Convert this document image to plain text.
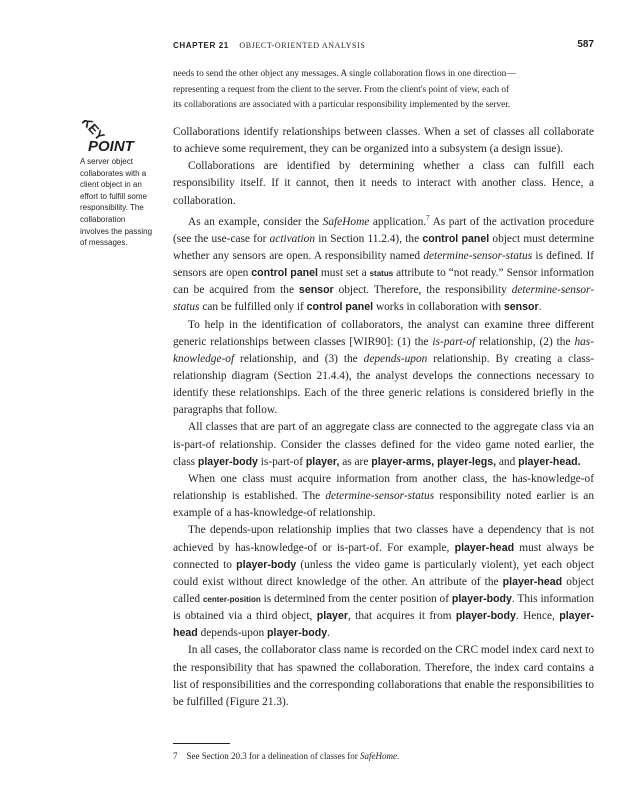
CHAPTER 21 OBJECT-ORIENTED ANALYSIS	587
needs to send the other object any messages. A single collaboration flows in one direction—
representing a request from the client to the server. From the client's point of view, each of
its collaborations are associated with a particular responsibility implemented by the server.
KEY
POINT
A server object collaborates with a client object in an effort to fulfill some responsibility. The collaboration involves the passing of messages.

Collaborations identify relationships between classes. When a set of classes all collaborate to achieve some requirement, they can be organized into a subsystem (a design issue).

Collaborations are identified by determining whether a class can fulfill each responsibility itself. If it cannot, then it needs to interact with another class. Hence, a collaboration.

As an example, consider the SafeHome application.$^7$ As part of the activation procedure (see the use-case for activation in Section 11.2.4), the control panel object must determine whether any sensors are open. A responsibility named determine-sensor-status is defined. If sensors are open control panel must set a status attribute to “not ready.” Sensor information can be acquired from the sensor object. Therefore, the responsibility determine-sensor-status can be fulfilled only if control panel works in collaboration with sensor.

To help in the identification of collaborators, the analyst can examine three different generic relationships between classes [WIR90]: (1) the is-part-of relationship, (2) the has-knowledge-of relationship, and (3) the depends-upon relationship. By creating a class-relationship diagram (Section 21.4.4), the analyst develops the connections necessary to identify these relationships. Each of the three generic relations is considered briefly in the paragraphs that follow.

All classes that are part of an aggregate class are connected to the aggregate class via an is-part-of relationship. Consider the classes defined for the video game noted earlier, the class player-body is-part-of player, as are player-arms, player-legs, and player-head.

When one class must acquire information from another class, the has-knowledge-of relationship is established. The determine-sensor-status responsibility noted earlier is an example of a has-knowledge-of relationship.

The depends-upon relationship implies that two classes have a dependency that is not achieved by has-knowledge-of or is-part-of. For example, player-head must always be connected to player-body (unless the video game is particularly violent), yet each object could exist without direct knowledge of the other. An attribute of the player-head object called center-position is determined from the center position of player-body. This information is obtained via a third object, player, that acquires it from player-body. Hence, player-head depends-upon player-body.

In all cases, the collaborator class name is recorded on the CRC model index card next to the responsibility that has spawned the collaboration. Therefore, the index card contains a list of responsibilities and the corresponding collaborations that enable the responsibilities to be fulfilled (Figure 21.3).

7 See Section 20.3 for a delineation of classes for SafeHome.
